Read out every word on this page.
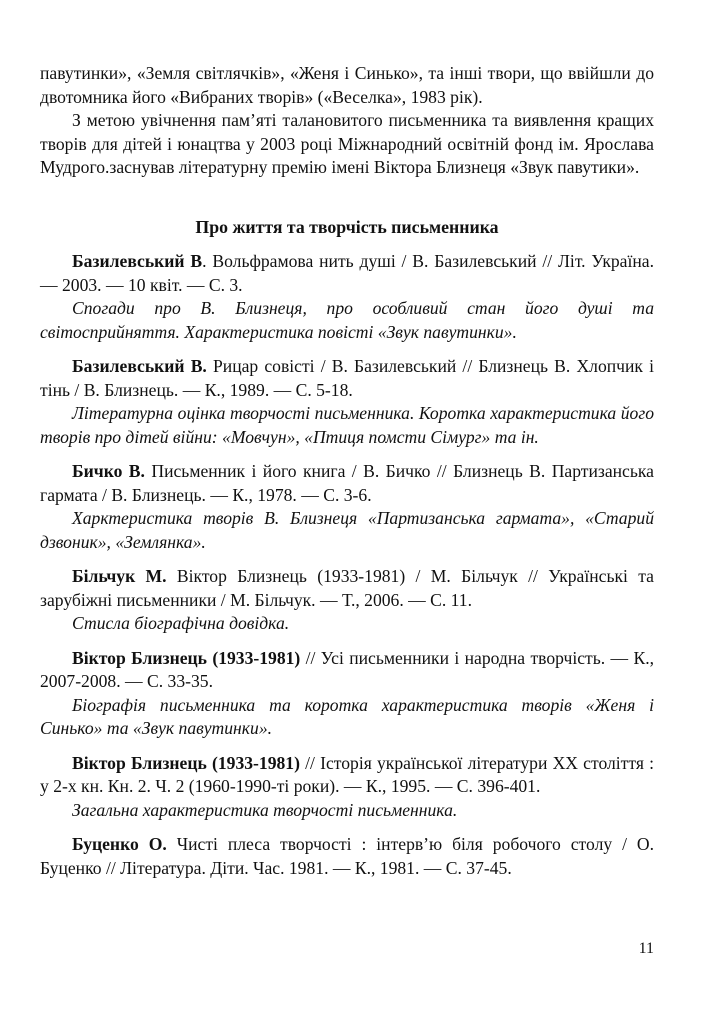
павутинки», «Земля світлячків», «Женя і Синько», та інші твори, що ввійшли до двотомника його «Вибраних творів» («Веселка», 1983 рік).

З метою увічнення пам’яті талановитого письменника та виявлення кращих творів для дітей і юнацтва у 2003 році Міжнародний освітній фонд ім. Ярослава Мудрого.заснував літературну премію імені Віктора Близнеця «Звук павутики».

Про життя та творчість письменника

Базилевський В. Вольфрамова нить душі / В. Базилевський // Літ. Україна. — 2003. — 10 квіт. — С. 3.

Спогади про В. Близнеця, про особливий стан його душі та світосприйняття. Характеристика повісті «Звук павутинки».

Базилевський В. Рицар совісті / В. Базилевський // Близнець В. Хлопчик і тінь / В. Близнець. — К., 1989. — С. 5-18.

Літературна оцінка творчості письменника. Коротка характеристика його творів про дітей війни: «Мовчун», «Птиця помсти Сімург» та ін.

Бичко В. Письменник і його книга / В. Бичко // Близнець В. Партизанська гармата / В. Близнець. — К., 1978. — С. 3-6.

Харктеристика творів В. Близнеця «Партизанська гармата», «Старий дзвоник», «Землянка».

Більчук М. Віктор Близнець (1933-1981) / М. Більчук // Українські та зарубіжні письменники / М. Більчук. — Т., 2006. — С. 11.

Стисла біографічна довідка.

Віктор Близнець (1933-1981) // Усі письменники і народна творчість. — К., 2007-2008. — С. 33-35.

Біографія письменника та коротка характеристика творів «Женя і Синько» та «Звук павутинки».

Віктор Близнець (1933-1981) // Історія української літератури XX століття : у 2-х кн. Кн. 2. Ч. 2 (1960-1990-ті роки). — К., 1995. — С. 396-401.

Загальна характеристика творчості письменника.

Буценко О. Чисті плеса творчості : інтерв’ю біля робочого столу / О. Буценко // Література. Діти. Час. 1981. — К., 1981. — С. 37-45.

11
